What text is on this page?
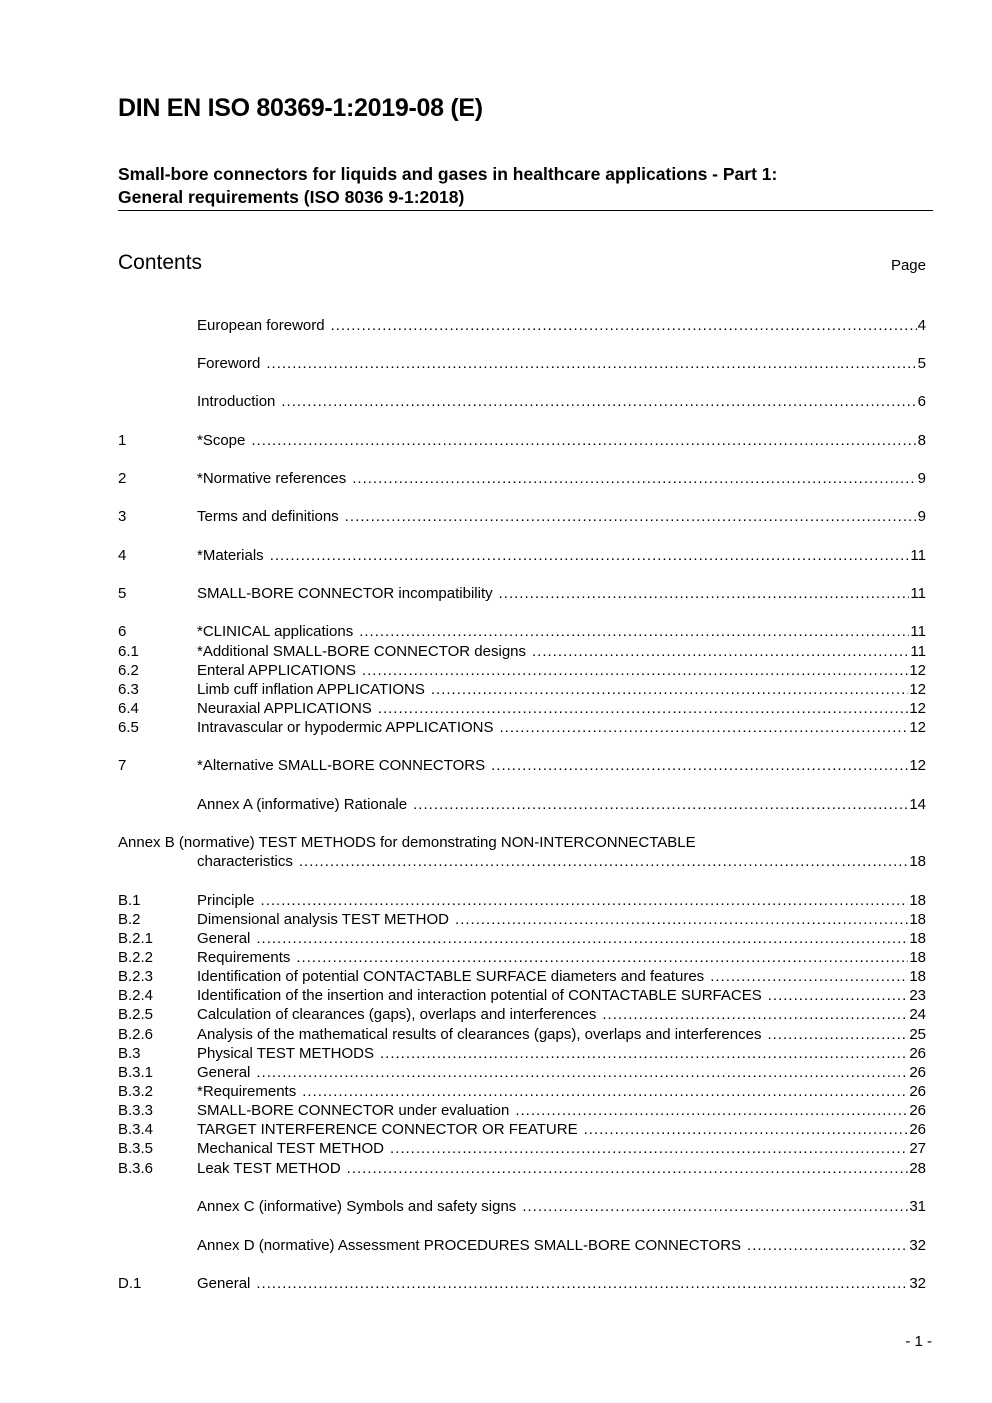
DIN EN ISO 80369-1:2019-08 (E)
Small-bore connectors for liquids and gases in healthcare applications - Part 1:
General requirements (ISO 8036 9-1:2018)
Contents	Page
European foreword .....	4
Foreword .....	5
Introduction .....	6
1	*Scope .....	8
2	*Normative references .....	9
3	Terms and definitions .....	9
4	*Materials .....	11
5	SMALL-BORE CONNECTOR incompatibility .....	11
6	*CLINICAL applications .....	11
6.1	*Additional SMALL-BORE CONNECTOR designs .....	11
6.2	Enteral APPLICATIONS .....	12
6.3	Limb cuff inflation APPLICATIONS .....	12
6.4	Neuraxial APPLICATIONS .....	12
6.5	Intravascular or hypodermic APPLICATIONS .....	12
7	*Alternative SMALL-BORE CONNECTORS .....	12
Annex A (informative) Rationale .....	14
Annex B (normative) TEST METHODS for demonstrating NON-INTERCONNECTABLE
characteristics .....	18
B.1	Principle .....	18
B.2	Dimensional analysis TEST METHOD .....	18
B.2.1	General .....	18
B.2.2	Requirements .....	18
B.2.3	Identification of potential CONTACTABLE SURFACE diameters and features .....	18
B.2.4	Identification of the insertion and interaction potential of CONTACTABLE SURFACES .....	23
B.2.5	Calculation of clearances (gaps), overlaps and interferences .....	24
B.2.6	Analysis of the mathematical results of clearances (gaps), overlaps and interferences .....	25
B.3	Physical TEST METHODS .....	26
B.3.1	General .....	26
B.3.2	*Requirements .....	26
B.3.3	SMALL-BORE CONNECTOR under evaluation .....	26
B.3.4	TARGET INTERFERENCE CONNECTOR OR FEATURE .....	26
B.3.5	Mechanical TEST METHOD .....	27
B.3.6	Leak TEST METHOD .....	28
Annex C (informative) Symbols and safety signs .....	31
Annex D (normative) Assessment PROCEDURES SMALL-BORE CONNECTORS .....	32
D.1	General .....	32
- 1 -
